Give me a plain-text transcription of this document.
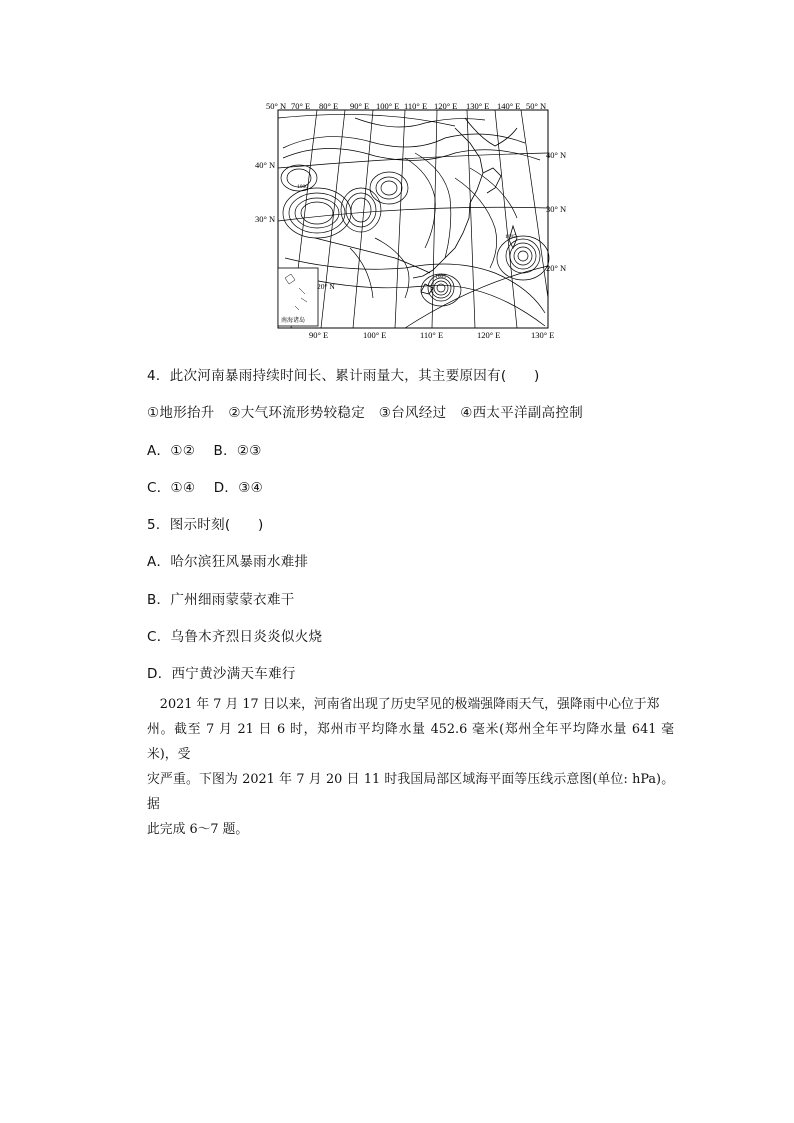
50° N 70° E 80° E 90° E 100° E 110° E 120° E 130° E 140° E 50° N
40° N
30° N
40° N
30° N
20° N
90° E	100° E	110° E	120° E	130° E
20° N
南海诸岛
1000
1005
1005
4．此次河南暴雨持续时间长、累计雨量大，其主要原因有(　　)
①地形抬升　②大气环流形势较稳定　③台风经过　④西太平洋副高控制
A．①②　 B．②③
C．①④　 D．③④
5．图示时刻(　　)
A．哈尔滨狂风暴雨水难排
B．广州细雨蒙蒙衣难干
C．乌鲁木齐烈日炎炎似火烧
D．西宁黄沙满天车难行

　2021 年 7 月 17 日以来，河南省出现了历史罕见的极端强降雨天气，强降雨中心位于郑

州。截至 7 月 21 日 6 时，郑州市平均降水量 452.6 毫米(郑州全年平均降水量 641 毫米)，受

灾严重。下图为 2021 年 7 月 20 日 11 时我国局部区域海平面等压线示意图(单位: hPa)。据

此完成 6～7 题。
